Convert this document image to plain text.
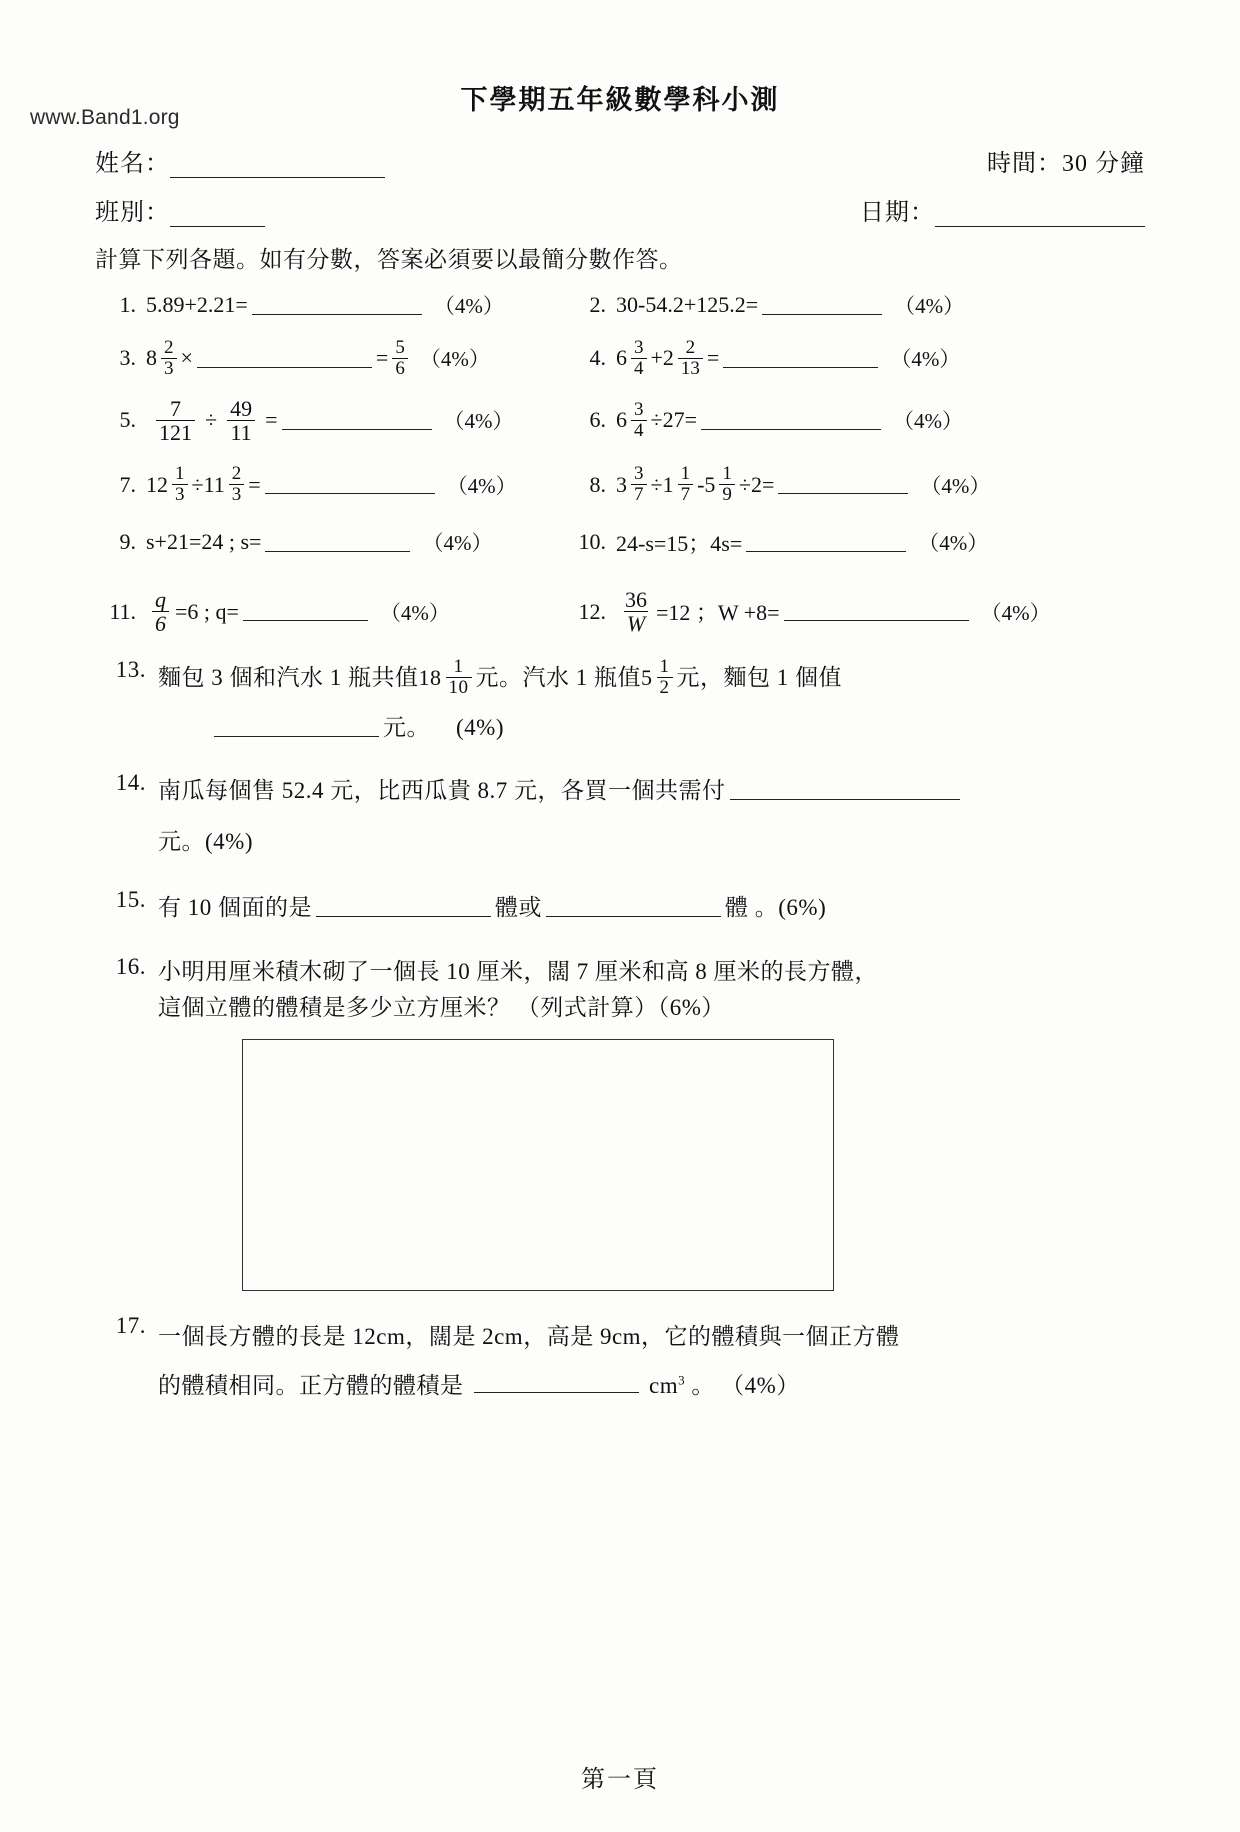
www.Band1.org
下學期五年級數學科小測
姓名：	時間：30 分鐘
班別：	日期：
計算下列各題。如有分數，答案必須要以最簡分數作答。
1. 5.89+2.21=	（4%）	2. 30-54.2+125.2=	（4%）
3. $8 \frac{2}{3}$ ×	= $\frac{5}{6} (4\%)$	4. $6 \frac{3}{4} + 2 \frac{2}{13}$ =	（4%）
5. $\frac{7}{121} \div \frac{49}{11}$ =	（4%）	6. $6 \frac{3}{4} \div 27=$	（4%）
7. $12 \frac{1}{3} \div 11 \frac{2}{3}$ =	（4%）	8. $3 \frac{3}{7} \div 1 \frac{1}{7} - 5 \frac{1}{9} \div 2=$	（4%）
9. s+21=24 ; s=	（4%）	10. 24-s=15；4s=	（4%）
11. $\frac{q}{6} =6$ ; q=	（4%）	12. $\frac{36}{W} =12$ ；W +8=	（4%）
13. 麵包 3 個和汽水 1 瓶共值 $18 \frac{1}{10}$ 元。汽水 1 瓶值 $5 \frac{1}{2}$ 元，麵包 1 個值
元。 (4%)
14. 南瓜每個售 52.4 元，比西瓜貴 8.7 元，各買一個共需付
元。(4%)
15. 有 10 個面的是	體或	體 。 (6%)
16. 小明用厘米積木砌了一個長 10 厘米，闊 7 厘米和高 8 厘米的長方體，
這個立體的體積是多少立方厘米？ （列式計算）（6%）
17. 一個長方體的長是 12cm，闊是 2cm，高是 9cm，它的體積與一個正方體
的體積相同。正方體的體積是	$cm^3$ 。 （4%）
第一頁
